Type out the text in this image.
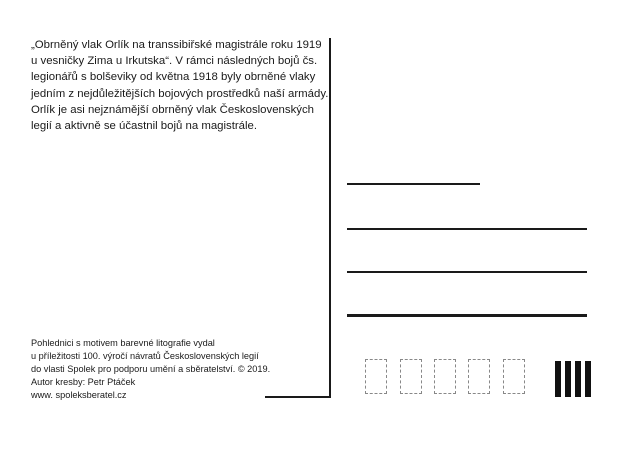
„Obrněný vlak Orlík na transsibiřské magistrále roku 1919 u vesničky Zima u Irkutska“. V rámci následných bojů čs. legionářů s bolševiky od května 1918 byly obrněné vlaky jedním z nejdůležitějších bojových prostředků naší armády. Orlík je asi nejznámější obrněný vlak Československých legií a aktivně se účastnil bojů na magistrále.

Pohlednici s motivem barevné litografie vydal
u příležitosti 100. výročí návratů Československých legií
do vlasti Spolek pro podporu umění a sběratelství. © 2019.
Autor kresby: Petr Ptáček
www. spoleksberatel.cz
